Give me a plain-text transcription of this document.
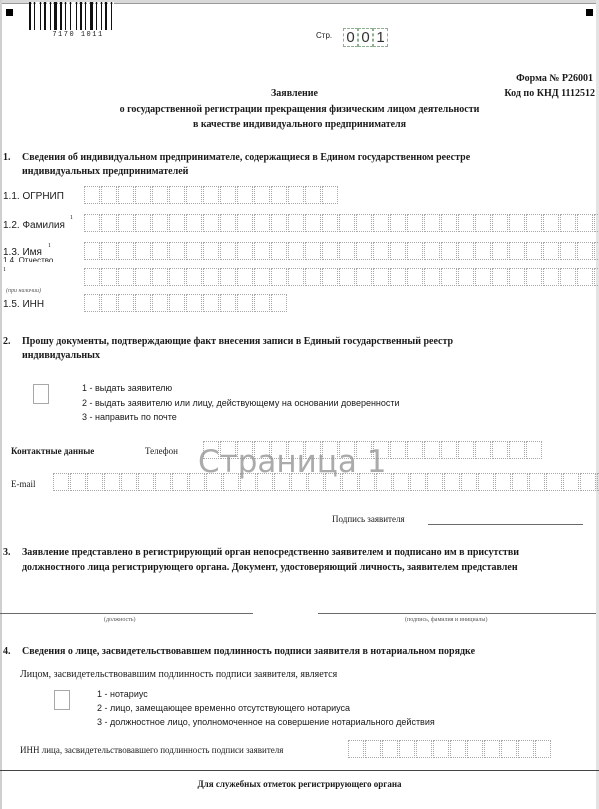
7170 1011	Стр. 0 0 1
Форма № Р26001
Код по КНД 1112512
Заявление
о государственной регистрации прекращения физическим лицом деятельности
в качестве индивидуального предпринимателя
1. Сведения об индивидуальном предпринимателе, содержащиеся в Едином государственном реестре
индивидуальных предпринимателей
1.1. ОГРНИП
1.2. Фамилия
1
1.3. Имя
1
1.4. Отчество
1
(при наличии)
1.5. ИНН
2. Прошу документы, подтверждающие факт внесения записи в Единый государственный реестр
индивидуальных
1 - выдать заявителю
2 - выдать заявителю или лицу, действующему на основании доверенности
3 - направить по почте
Контактные данные	Телефон
E-mail
Страница 1
Подпись заявителя
3. Заявление представлено в регистрирующий орган непосредственно заявителем и подписано им в присутстви
должностного лица регистрирующего органа. Документ, удостоверяющий личность, заявителем представлен
(должность)	(подпись, фамилия и инициалы)
4. Сведения о лице, засвидетельствовавшем подлинность подписи заявителя в нотариальном порядке
Лицом, засвидетельствовавшим подлинность подписи заявителя, является
1 - нотариус
2 - лицо, замещающее временно отсутствующего нотариуса
3 - должностное лицо, уполномоченное на совершение нотариального действия
ИНН лица, засвидетельствовавшего подлинность подписи заявителя
Для служебных отметок регистрирующего органа
